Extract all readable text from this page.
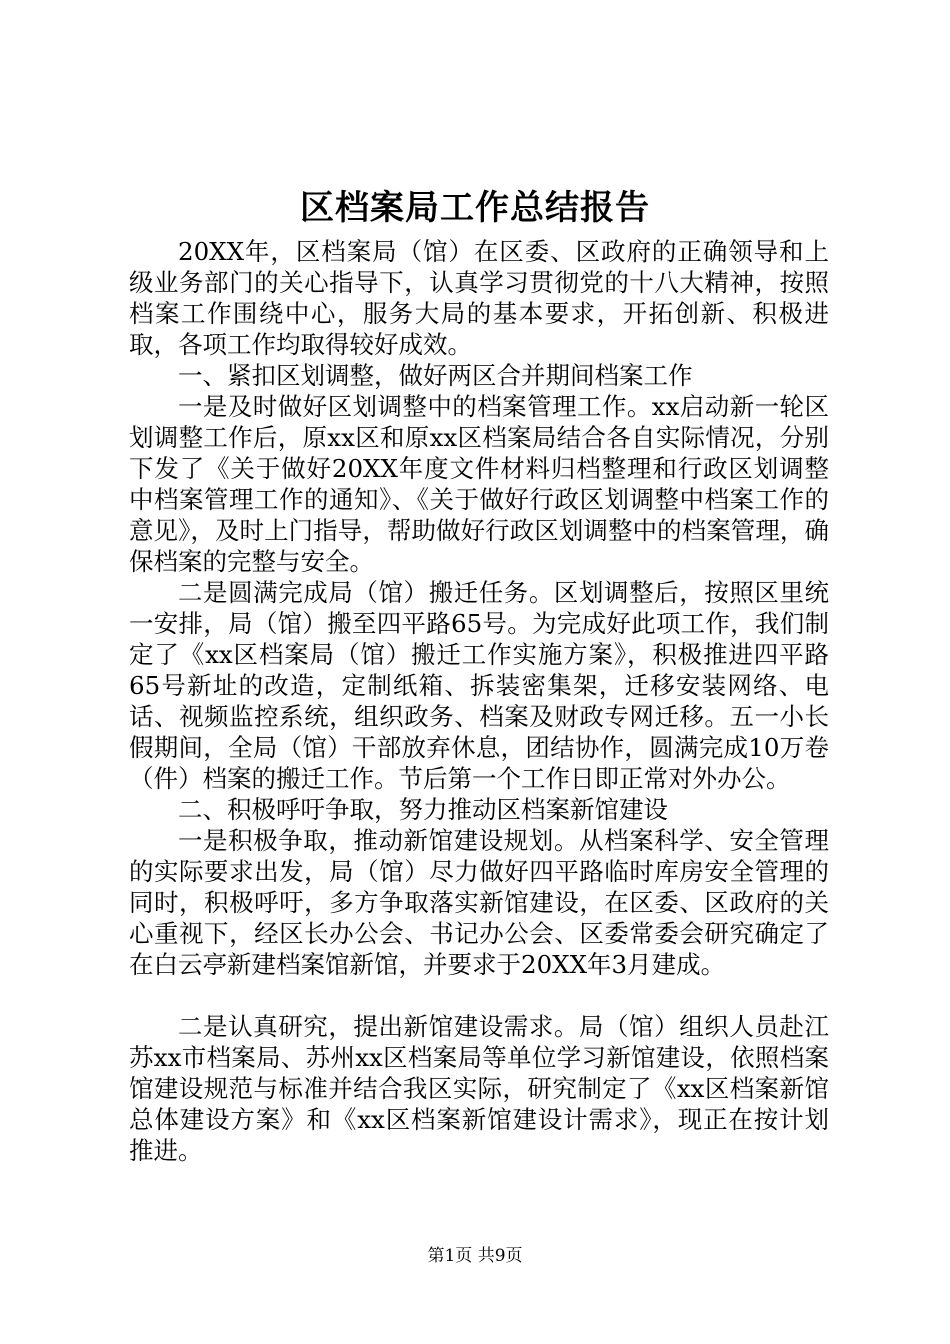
区档案局工作总结报告

20XX年，区档案局（馆）在区委、区政府的正确领导和上级业务部门的关心指导下，认真学习贯彻党的十八大精神，按照档案工作围绕中心，服务大局的基本要求，开拓创新、积极进取，各项工作均取得较好成效。

一、紧扣区划调整，做好两区合并期间档案工作

一是及时做好区划调整中的档案管理工作。xx启动新一轮区划调整工作后，原xx区和原xx区档案局结合各自实际情况，分别下发了《关于做好20XX年度文件材料归档整理和行政区划调整中档案管理工作的通知》、《关于做好行政区划调整中档案工作的意见》，及时上门指导，帮助做好行政区划调整中的档案管理，确保档案的完整与安全。

二是圆满完成局（馆）搬迁任务。区划调整后，按照区里统一安排，局（馆）搬至四平路65号。为完成好此项工作，我们制定了《xx区档案局（馆）搬迁工作实施方案》，积极推进四平路65号新址的改造，定制纸箱、拆装密集架，迁移安装网络、电话、视频监控系统，组织政务、档案及财政专网迁移。五一小长假期间，全局（馆）干部放弃休息，团结协作，圆满完成10万卷（件）档案的搬迁工作。节后第一个工作日即正常对外办公。

二、积极呼吁争取，努力推动区档案新馆建设

一是积极争取，推动新馆建设规划。从档案科学、安全管理的实际要求出发，局（馆）尽力做好四平路临时库房安全管理的同时，积极呼吁，多方争取落实新馆建设，在区委、区政府的关心重视下，经区长办公会、书记办公会、区委常委会研究确定了在白云亭新建档案馆新馆，并要求于20XX年3月建成。

二是认真研究，提出新馆建设需求。局（馆）组织人员赴江苏xx市档案局、苏州xx区档案局等单位学习新馆建设，依照档案馆建设规范与标准并结合我区实际，研究制定了《xx区档案新馆总体建设方案》和《xx区档案新馆建设计需求》，现正在按计划推进。

第1页 共9页
